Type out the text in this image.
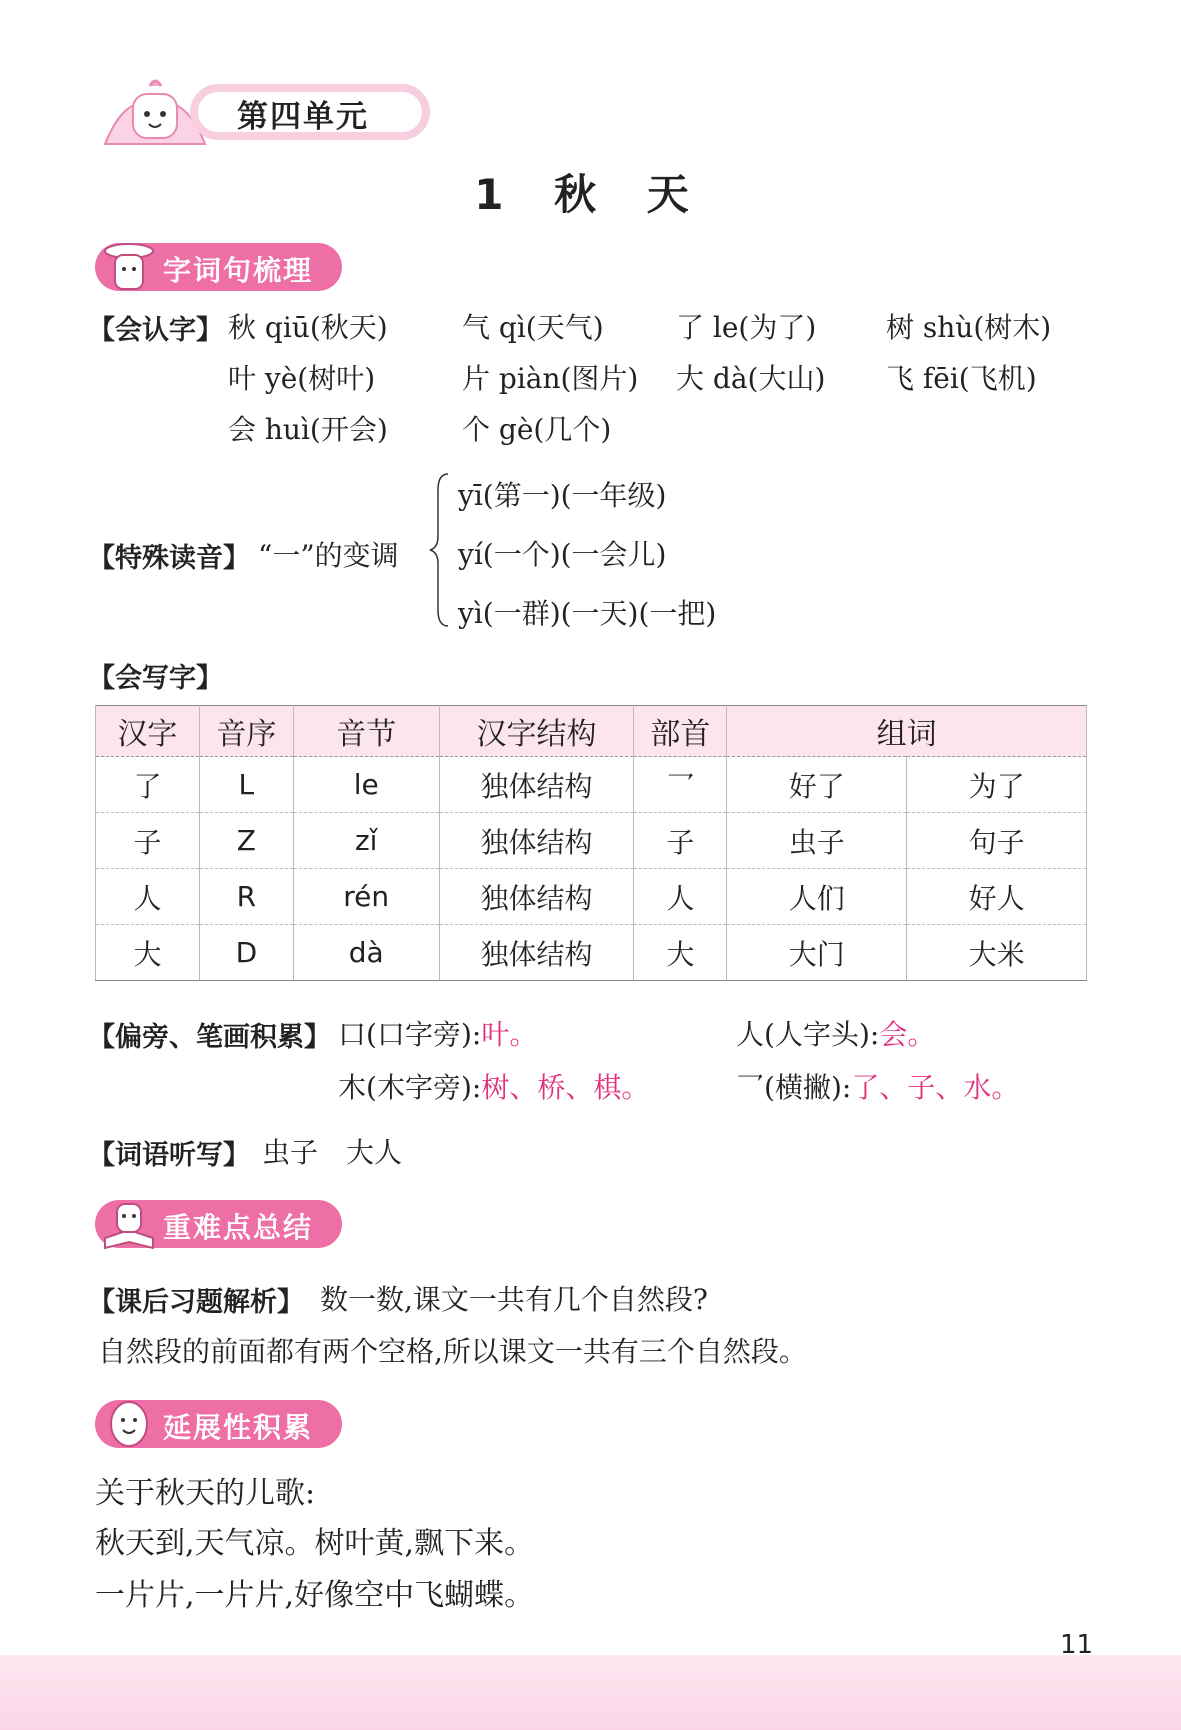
第四单元
1 秋 天
字词句梳理
【会认字】 秋 qiū(秋天)	气 qì(天气)	了 le(为了) 树 shù(树木)
叶 yè(树叶)	片 piàn(图片) 大 dà(大山) 飞 fēi(飞机)
会 huì(开会)	个 gè(几个)
【特殊读音】 “一”的变调
yī(第一)(一年级)
yí(一个)(一会儿)
yì(一群)(一天)(一把)
【会写字】
汉字	音序	音节	汉字结构	部首	组词	
了	L	le	独体结构	乛	好了	为了
子	Z	zǐ	独体结构	子	虫子	句子
人	R	rén	独体结构	人	人们	好人
大	D	dà	独体结构	大	大门	大米
【偏旁、笔画积累】 口(口字旁):叶。	人(人字头):会。
木(木字旁):树、桥、棋。	乛(横撇):了、子、水。
【词语听写】 虫子　大人
重难点总结
【课后习题解析】 数一数,课文一共有几个自然段?
自然段的前面都有两个空格,所以课文一共有三个自然段。
延展性积累
关于秋天的儿歌:
秋天到,天气凉。树叶黄,飘下来。
一片片,一片片,好像空中飞蝴蝶。
11
